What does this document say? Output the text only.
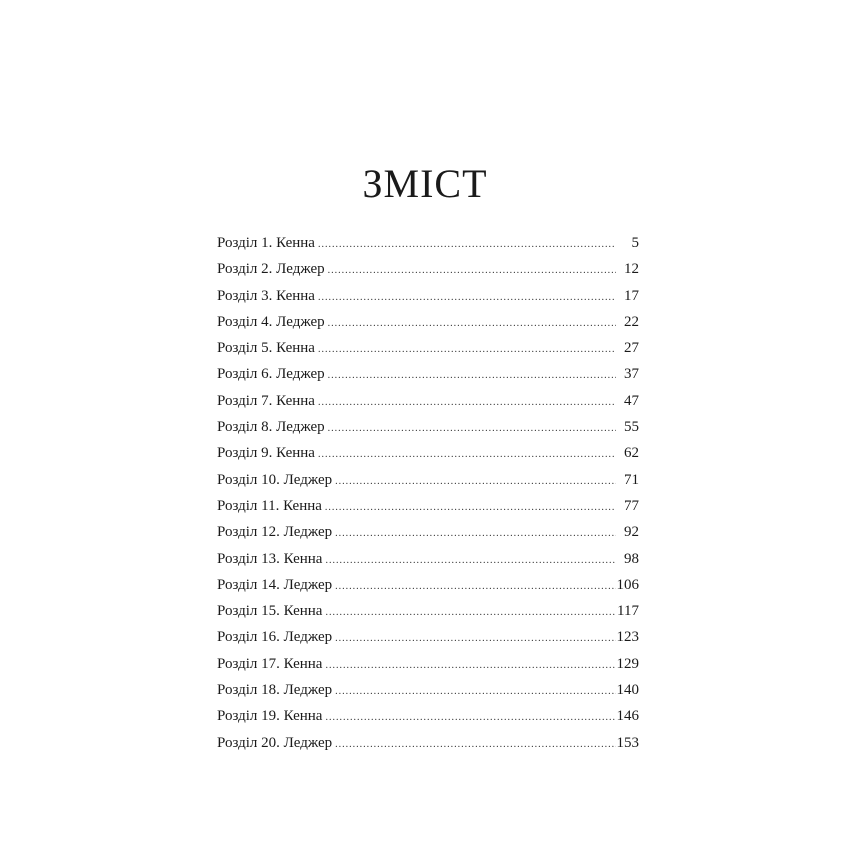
ЗМІСТ
Розділ 1. Кенна .....	5
Розділ 2. Леджер .....	12
Розділ 3. Кенна .....	17
Розділ 4. Леджер .....	22
Розділ 5. Кенна .....	27
Розділ 6. Леджер .....	37
Розділ 7. Кенна .....	47
Розділ 8. Леджер .....	55
Розділ 9. Кенна .....	62
Розділ 10. Леджер .....	71
Розділ 11. Кенна .....	77
Розділ 12. Леджер .....	92
Розділ 13. Кенна .....	98
Розділ 14. Леджер .....	106
Розділ 15. Кенна .....	117
Розділ 16. Леджер .....	123
Розділ 17. Кенна .....	129
Розділ 18. Леджер .....	140
Розділ 19. Кенна .....	146
Розділ 20. Леджер .....	153
